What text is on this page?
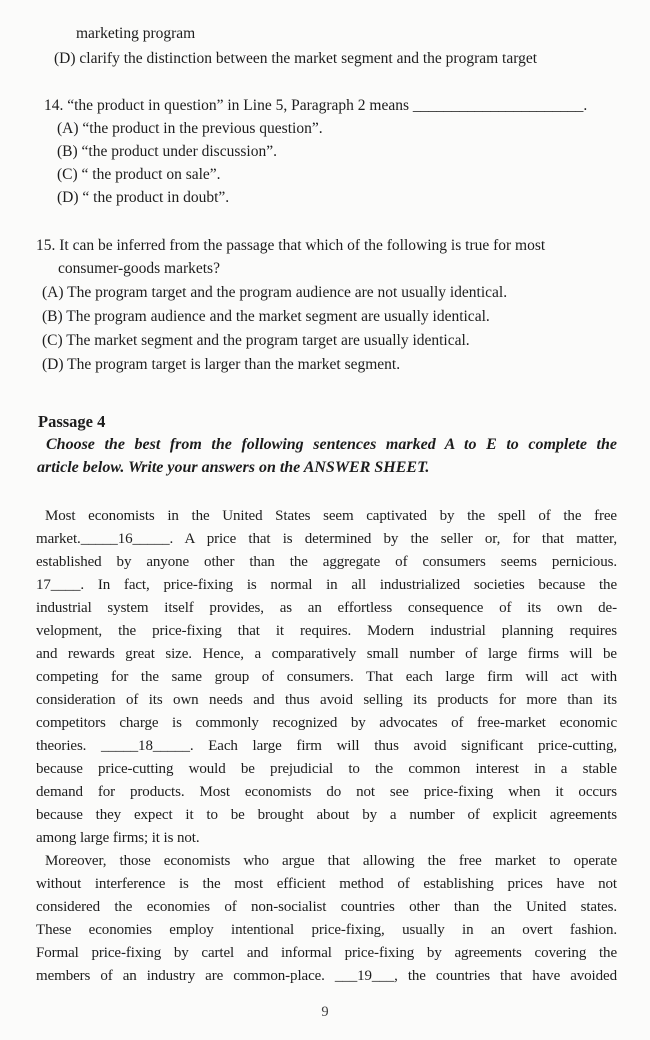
marketing program
(D) clarify the distinction between the market segment and the program target
14. “the product in question” in Line 5, Paragraph 2 means ______________________.
(A) “the product in the previous question”.
(B) “the product under discussion”.
(C) “ the product on sale”.
(D) “ the product in doubt”.
15. It can be inferred from the passage that which of the following is true for most
consumer-goods markets?
(A) The program target and the program audience are not usually identical.
(B) The program audience and the market segment are usually identical.
(C) The market segment and the program target are usually identical.
(D) The program target is larger than the market segment.
Passage 4
Choose the best from the following sentences marked A to E to complete the
article below. Write your answers on the ANSWER SHEET.
Most economists in the United States seem captivated by the spell of the free
market._____16_____. A price that is determined by the seller or, for that matter,
established by anyone other than the aggregate of consumers seems pernicious.
17____. In fact, price-fixing is normal in all industrialized societies because the
industrial system itself provides, as an effortless consequence of its own de-
velopment, the price-fixing that it requires. Modern industrial planning requires
and rewards great size. Hence, a comparatively small number of large firms will be
competing for the same group of consumers. That each large firm will act with
consideration of its own needs and thus avoid selling its products for more than its
competitors charge is commonly recognized by advocates of free-market economic
theories. _____18_____. Each large firm will thus avoid significant price-cutting,
because price-cutting would be prejudicial to the common interest in a stable
demand for products. Most economists do not see price-fixing when it occurs
because they expect it to be brought about by a number of explicit agreements
among large firms; it is not.
Moreover, those economists who argue that allowing the free market to operate
without interference is the most efficient method of establishing prices have not
considered the economies of non-socialist countries other than the United states.
These economies employ intentional price-fixing, usually in an overt fashion.
Formal price-fixing by cartel and informal price-fixing by agreements covering the
members of an industry are common-place. ___19___, the countries that have avoided
9
